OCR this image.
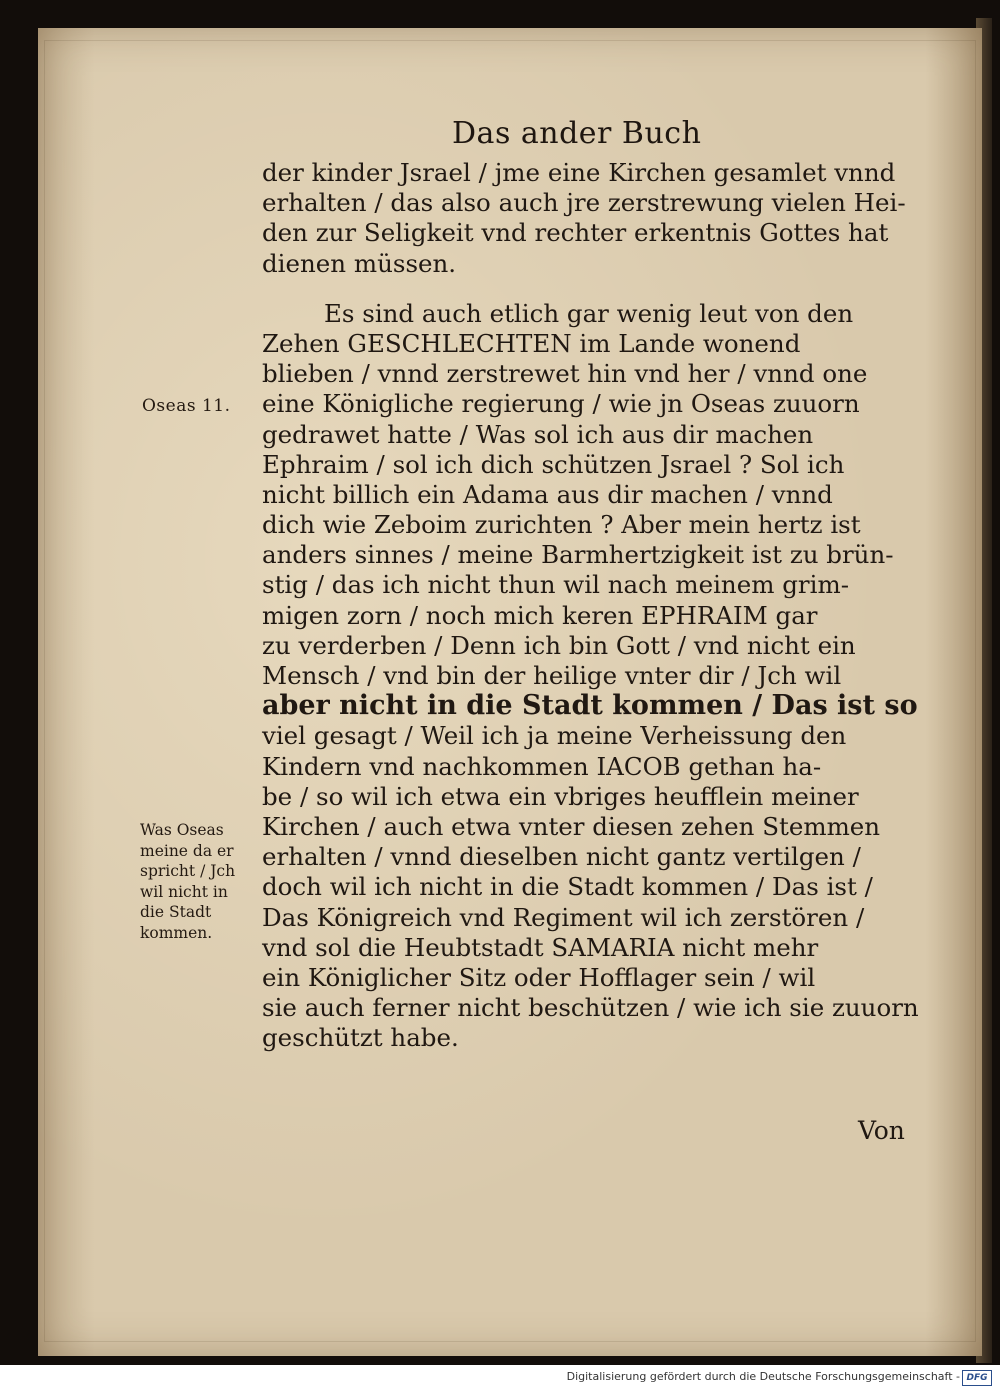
Das ander Buch
der kinder Jsrael / jme eine Kirchen gesamlet vnnd
erhalten / das also auch jre zerstrewung vielen Hei-
den zur Seligkeit vnd rechter erkentnis Gottes hat
dienen müssen.
Es sind auch etlich gar wenig leut von den
Zehen GESCHLECHTEN im Lande wonend
blieben / vnnd zerstrewet hin vnd her / vnnd one
eine Königliche regierung / wie jn Oseas zuuorn
gedrawet hatte / Was sol ich aus dir machen
Ephraim / sol ich dich schützen Jsrael ? Sol ich
nicht billich ein Adama aus dir machen / vnnd
dich wie Zeboim zurichten ? Aber mein hertz ist
anders sinnes / meine Barmhertzigkeit ist zu brün-
stig / das ich nicht thun wil nach meinem grim-
migen zorn / noch mich keren EPHRAIM gar
zu verderben / Denn ich bin Gott / vnd nicht ein
Mensch / vnd bin der heilige vnter dir / Jch wil
aber nicht in die Stadt kommen / Das ist so
viel gesagt / Weil ich ja meine Verheissung den
Kindern vnd nachkommen IACOB gethan ha-
be / so wil ich etwa ein vbriges heufflein meiner
Kirchen / auch etwa vnter diesen zehen Stemmen
erhalten / vnnd dieselben nicht gantz vertilgen /
doch wil ich nicht in die Stadt kommen / Das ist /
Das Königreich vnd Regiment wil ich zerstören /
vnd sol die Heubtstadt SAMARIA nicht mehr
ein Königlicher Sitz oder Hofflager sein / wil
sie auch ferner nicht beschützen / wie ich sie zuuorn
geschützt habe.
Oseas 11.
Was Oseas
meine da er
spricht / Jch
wil nicht in
die Stadt
kommen.
Von
Digitalisierung gefördert durch die Deutsche Forschungsgemeinschaft - DFG
